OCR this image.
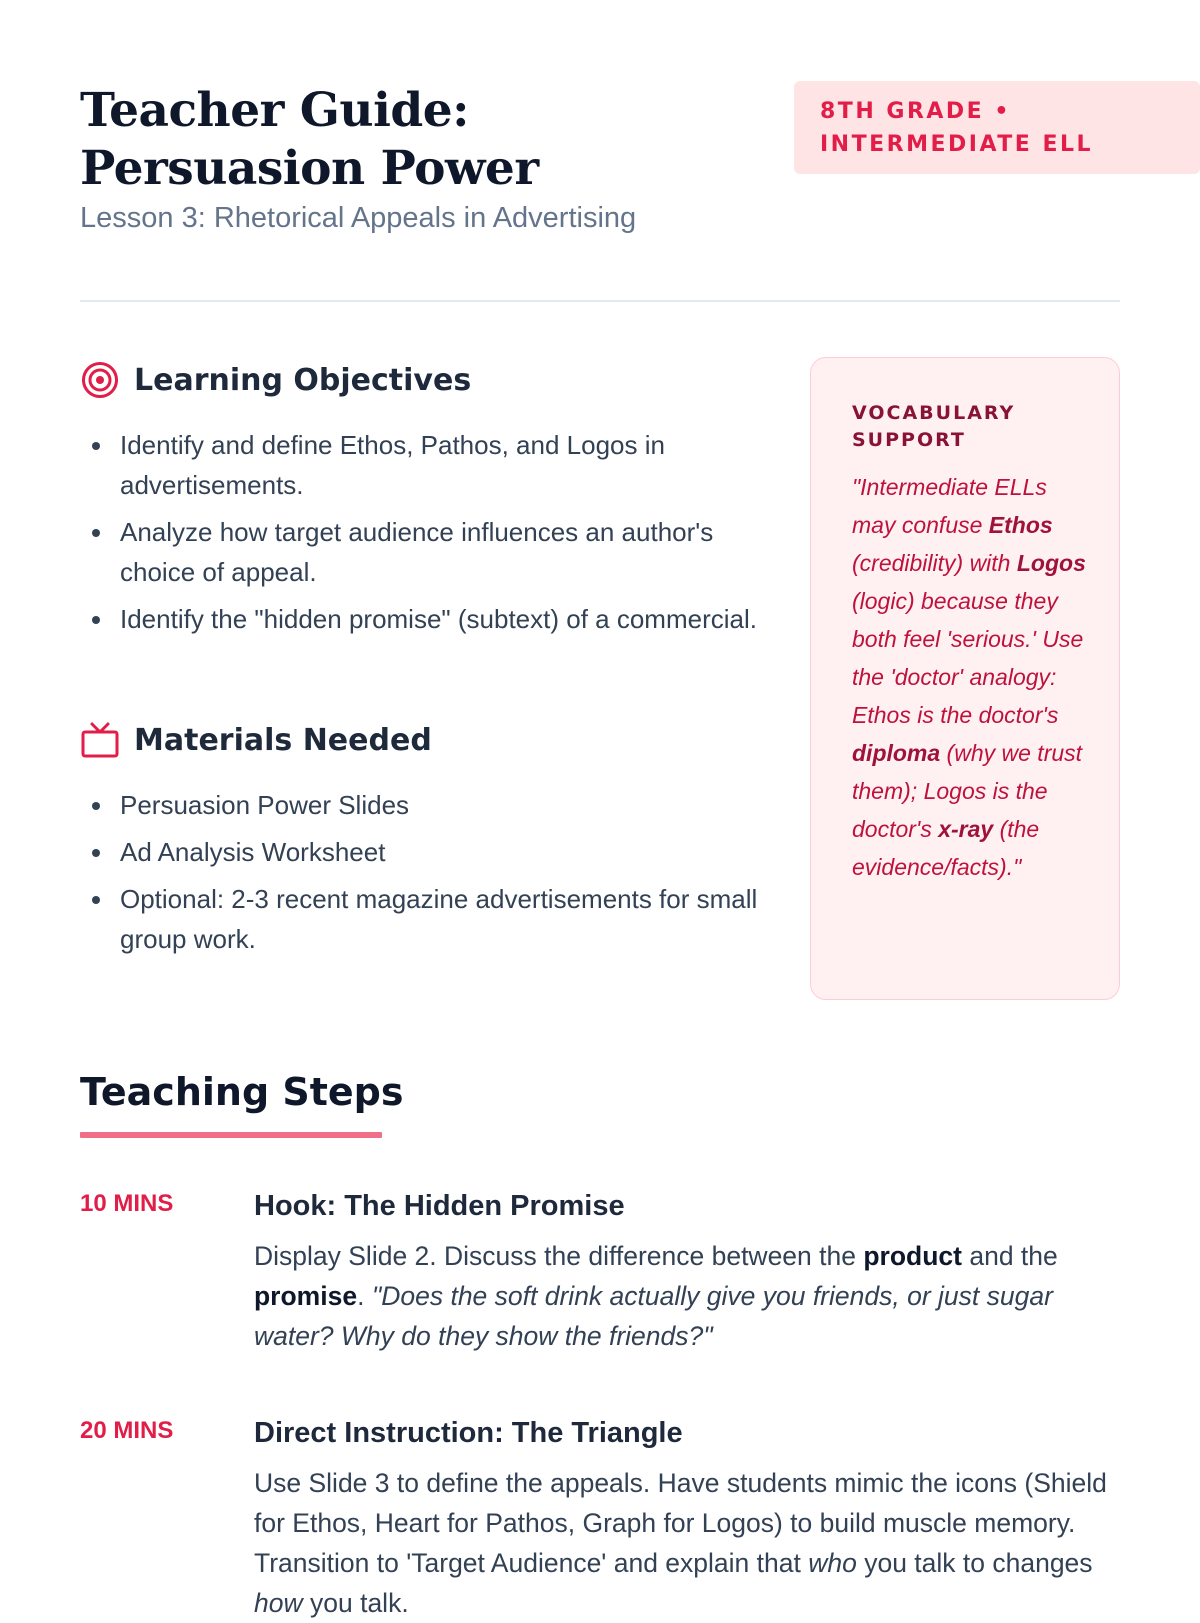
Teacher Guide: Persuasion Power
Lesson 3: Rhetorical Appeals in Advertising
8TH GRADE • INTERMEDIATE ELL
Learning Objectives
Identify and define Ethos, Pathos, and Logos in advertisements.
Analyze how target audience influences an author's choice of appeal.
Identify the "hidden promise" (subtext) of a commercial.
Materials Needed
Persuasion Power Slides
Ad Analysis Worksheet
Optional: 2-3 recent magazine advertisements for small group work.
VOCABULARY SUPPORT

"Intermediate ELLs may confuse Ethos (credibility) with Logos (logic) because they both feel 'serious.' Use the 'doctor' analogy: Ethos is the doctor's diploma (why we trust them); Logos is the doctor's x-ray (the evidence/facts)."

Teaching Steps
10 MINS	Hook: The Hidden Promise

Display Slide 2. Discuss the difference between the product and the promise. "Does the soft drink actually give you friends, or just sugar water? Why do they show the friends?"

20 MINS	Direct Instruction: The Triangle

Use Slide 3 to define the appeals. Have students mimic the icons (Shield for Ethos, Heart for Pathos, Graph for Logos) to build muscle memory. Transition to 'Target Audience' and explain that who you talk to changes how you talk.
